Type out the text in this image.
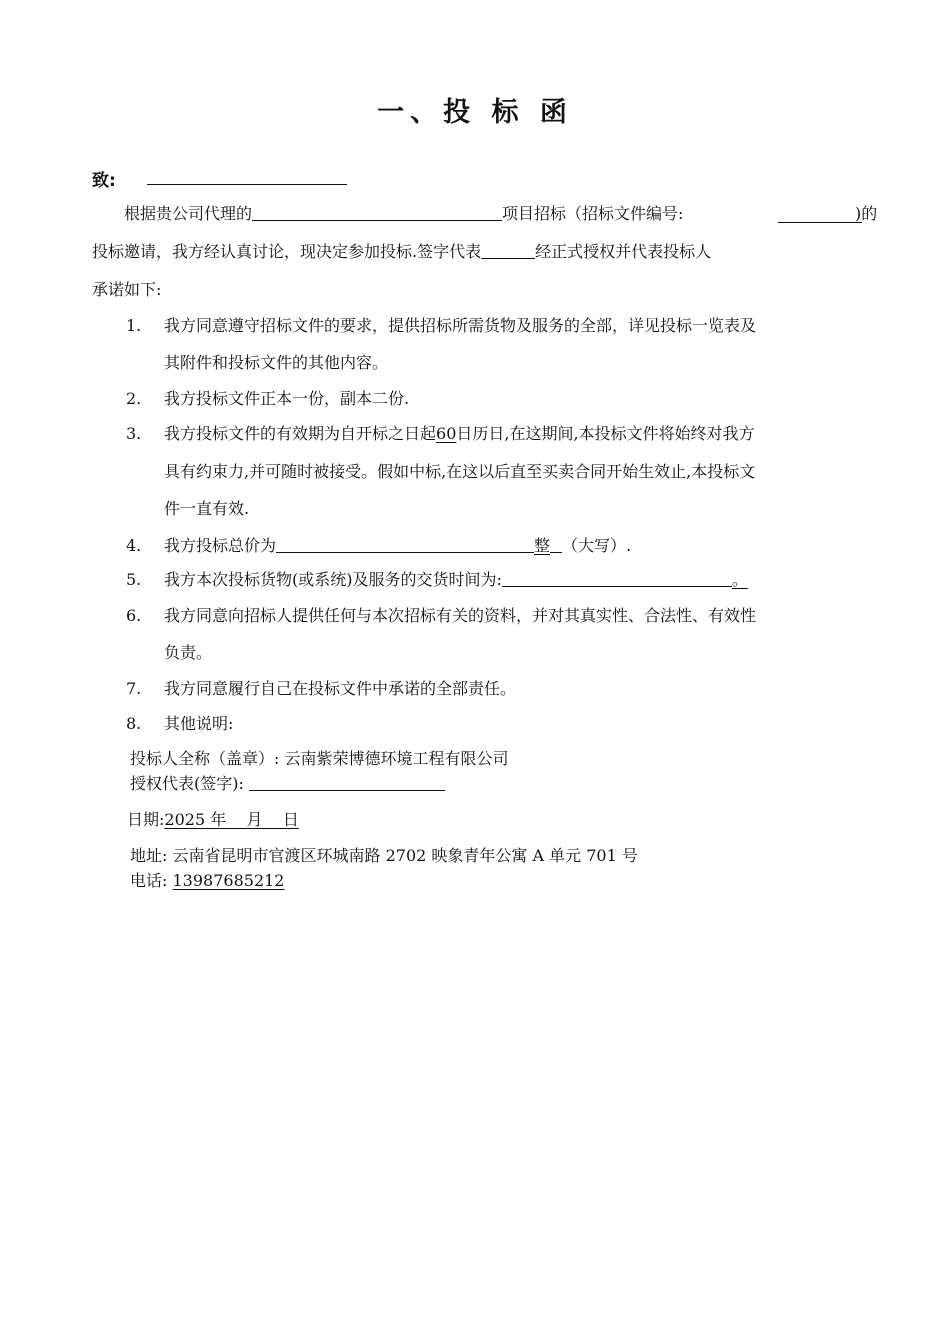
一、投 标 函
致:
根据贵公司代理的	项目招标（招标文件编号:	)的
投标邀请，我方经认真讨论，现决定参加投标.签字代表	经正式授权并代表投标人
承诺如下:
1. 我方同意遵守招标文件的要求，提供招标所需货物及服务的全部，详见投标一览表及
其附件和投标文件的其他内容。
2. 我方投标文件正本一份，副本二份.
3. 我方投标文件的有效期为自开标之日起60日历日,在这期间,本投标文件将始终对我方
具有约束力,并可随时被接受。假如中标,在这以后直至买卖合同开始生效止,本投标文
件一直有效.
4. 我方投标总价为	整 （大写）.
5. 我方本次投标货物(或系统)及服务的交货时间为:	。
6. 我方同意向招标人提供任何与本次招标有关的资料，并对其真实性、合法性、有效性
负责。
7. 我方同意履行自己在投标文件中承诺的全部责任。
8. 其他说明:
投标人全称（盖章）: 云南紫荣博德环境工程有限公司
授权代表(签字):
日期:2025 年    月    日
地址: 云南省昆明市官渡区环城南路 2702 映象青年公寓 A 单元 701 号
电话: 13987685212
